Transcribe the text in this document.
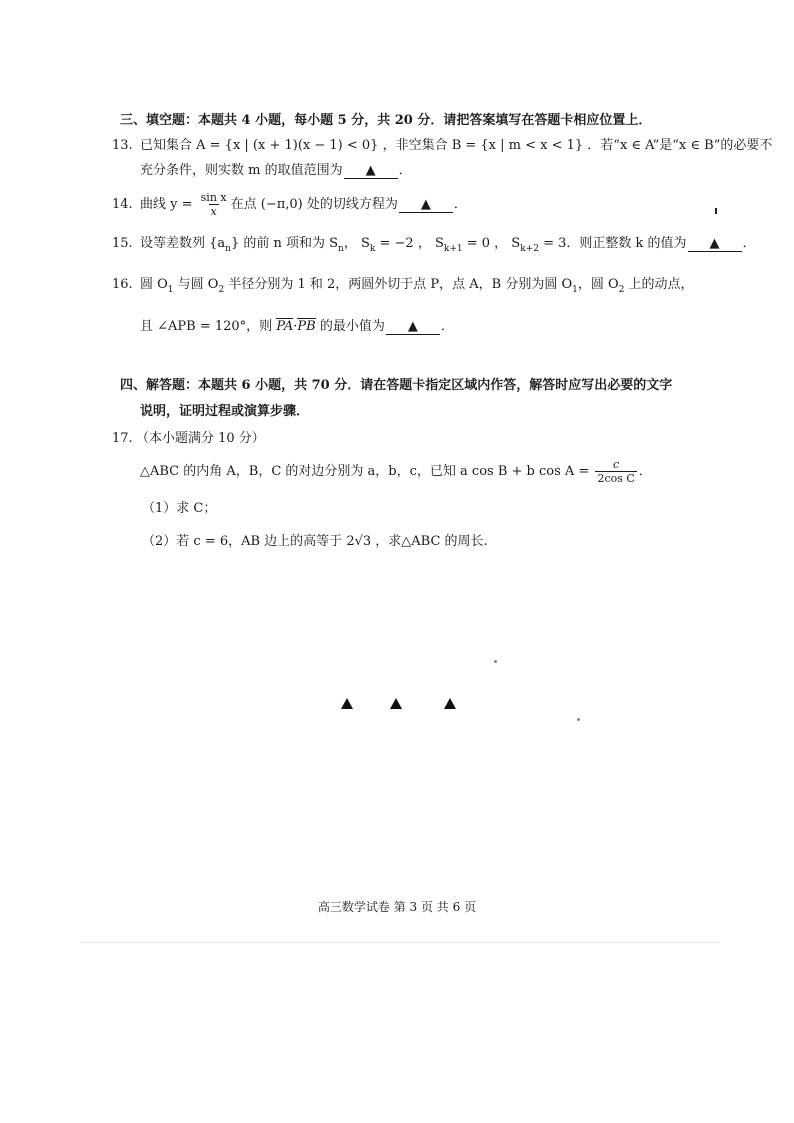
三、填空题：本题共 4 小题，每小题 5 分，共 20 分．请把答案填写在答题卡相应位置上．
13. 已知集合 A = {x | (x + 1)(x − 1) < 0} ，非空集合 B = {x | m < x < 1} ．若“x ∈ A”是“x ∈ B”的必要不
充分条件，则实数 m 的取值范围为 ▲ ．
14. 曲线 $y = \frac{\text{sin x}}{x}$ 在点 (−π,0) 处的切线方程为 ▲ ．
15. 设等差数列 $\{a_n\}$ 的前 n 项和为 $S_n$， $S_k = -2$ ， $S_{k+1} = 0$ ， $S_{k+2} = 3$．则正整数 k 的值为 ▲ ．
16. 圆 $O_1$ 与圆 $O_2$ 半径分别为 1 和 2，两圆外切于点 P，点 A，B 分别为圆 $O_1$，圆 $O_2$ 上的动点，
且 ∠APB = 120°，则 PA·PB 的最小值为 ▲ ．
四、解答题：本题共 6 小题，共 70 分．请在答题卡指定区域内作答，解答时应写出必要的文字
说明，证明过程或演算步骤．
17. （本小题满分 10 分）
△ABC 的内角 A，B，C 的对边分别为 a，b，c，已知 a cos B + b $\cos A = \frac{c}{\text{2cos C}}$ ．
（1）求 C；
（2）若 c = 6，AB 边上的高等于 2√3 ，求△ABC 的周长.
高三数学试卷 第 3 页 共 6 页
